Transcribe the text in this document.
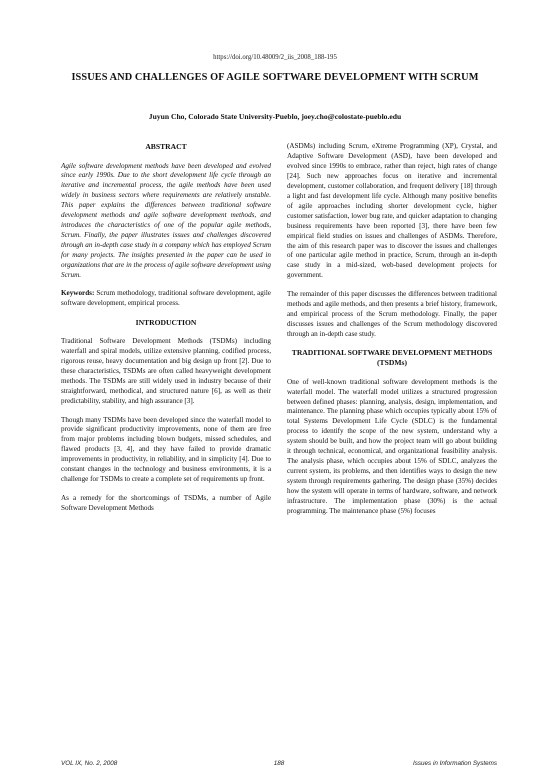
https://doi.org/10.48009/2_iis_2008_188-195
ISSUES AND CHALLENGES OF AGILE SOFTWARE DEVELOPMENT WITH SCRUM
Juyun Cho, Colorado State University-Pueblo, joey.cho@colostate-pueblo.edu
ABSTRACT

Agile software development methods have been developed and evolved since early 1990s. Due to the short development life cycle through an iterative and incremental process, the agile methods have been used widely in business sectors where requirements are relatively unstable. This paper explains the differences between traditional software development methods and agile software development methods, and introduces the characteristics of one of the popular agile methods, Scrum. Finally, the paper illustrates issues and challenges discovered through an in-depth case study in a company which has employed Scrum for many projects. The insights presented in the paper can be used in organizations that are in the process of agile software development using Scrum.

Keywords: Scrum methodology, traditional software development, agile software development, empirical process.

INTRODUCTION

Traditional Software Development Methods (TSDMs) including waterfall and spiral models, utilize extensive planning, codified process, rigorous reuse, heavy documentation and big design up front [2]. Due to these characteristics, TSDMs are often called heavyweight development methods. The TSDMs are still widely used in industry because of their straightforward, methodical, and structured nature [6], as well as their predictability, stability, and high assurance [3].

Though many TSDMs have been developed since the waterfall model to provide significant productivity improvements, none of them are free from major problems including blown budgets, missed schedules, and flawed products [3, 4], and they have failed to provide dramatic improvements in productivity, in reliability, and in simplicity [4]. Due to constant changes in the technology and business environments, it is a challenge for TSDMs to create a complete set of requirements up front.

As a remedy for the shortcomings of TSDMs, a number of Agile Software Development Methods

(ASDMs) including Scrum, eXtreme Programming (XP), Crystal, and Adaptive Software Development (ASD), have been developed and evolved since 1990s to embrace, rather than reject, high rates of change [24]. Such new approaches focus on iterative and incremental development, customer collaboration, and frequent delivery [18] through a light and fast development life cycle. Although many positive benefits of agile approaches including shorter development cycle, higher customer satisfaction, lower bug rate, and quicker adaptation to changing business requirements have been reported [3], there have been few empirical field studies on issues and challenges of ASDMs. Therefore, the aim of this research paper was to discover the issues and challenges of one particular agile method in practice, Scrum, through an in-depth case study in a mid-sized, web-based development projects for government.

The remainder of this paper discusses the differences between traditional methods and agile methods, and then presents a brief history, framework, and empirical process of the Scrum methodology. Finally, the paper discusses issues and challenges of the Scrum methodology discovered through an in-depth case study.

TRADITIONAL SOFTWARE DEVELOPMENT METHODS (TSDMs)

One of well-known traditional software development methods is the waterfall model. The waterfall model utilizes a structured progression between defined phases: planning, analysis, design, implementation, and maintenance. The planning phase which occupies typically about 15% of total Systems Development Life Cycle (SDLC) is the fundamental process to identify the scope of the new system, understand why a system should be built, and how the project team will go about building it through technical, economical, and organizational feasibility analysis. The analysis phase, which occupies about 15% of SDLC, analyzes the current system, its problems, and then identifies ways to design the new system through requirements gathering. The design phase (35%) decides how the system will operate in terms of hardware, software, and network infrastructure. The implementation phase (30%) is the actual programming. The maintenance phase (5%) focuses

VOL IX, No. 2, 2008	188	Issues in Information Systems
